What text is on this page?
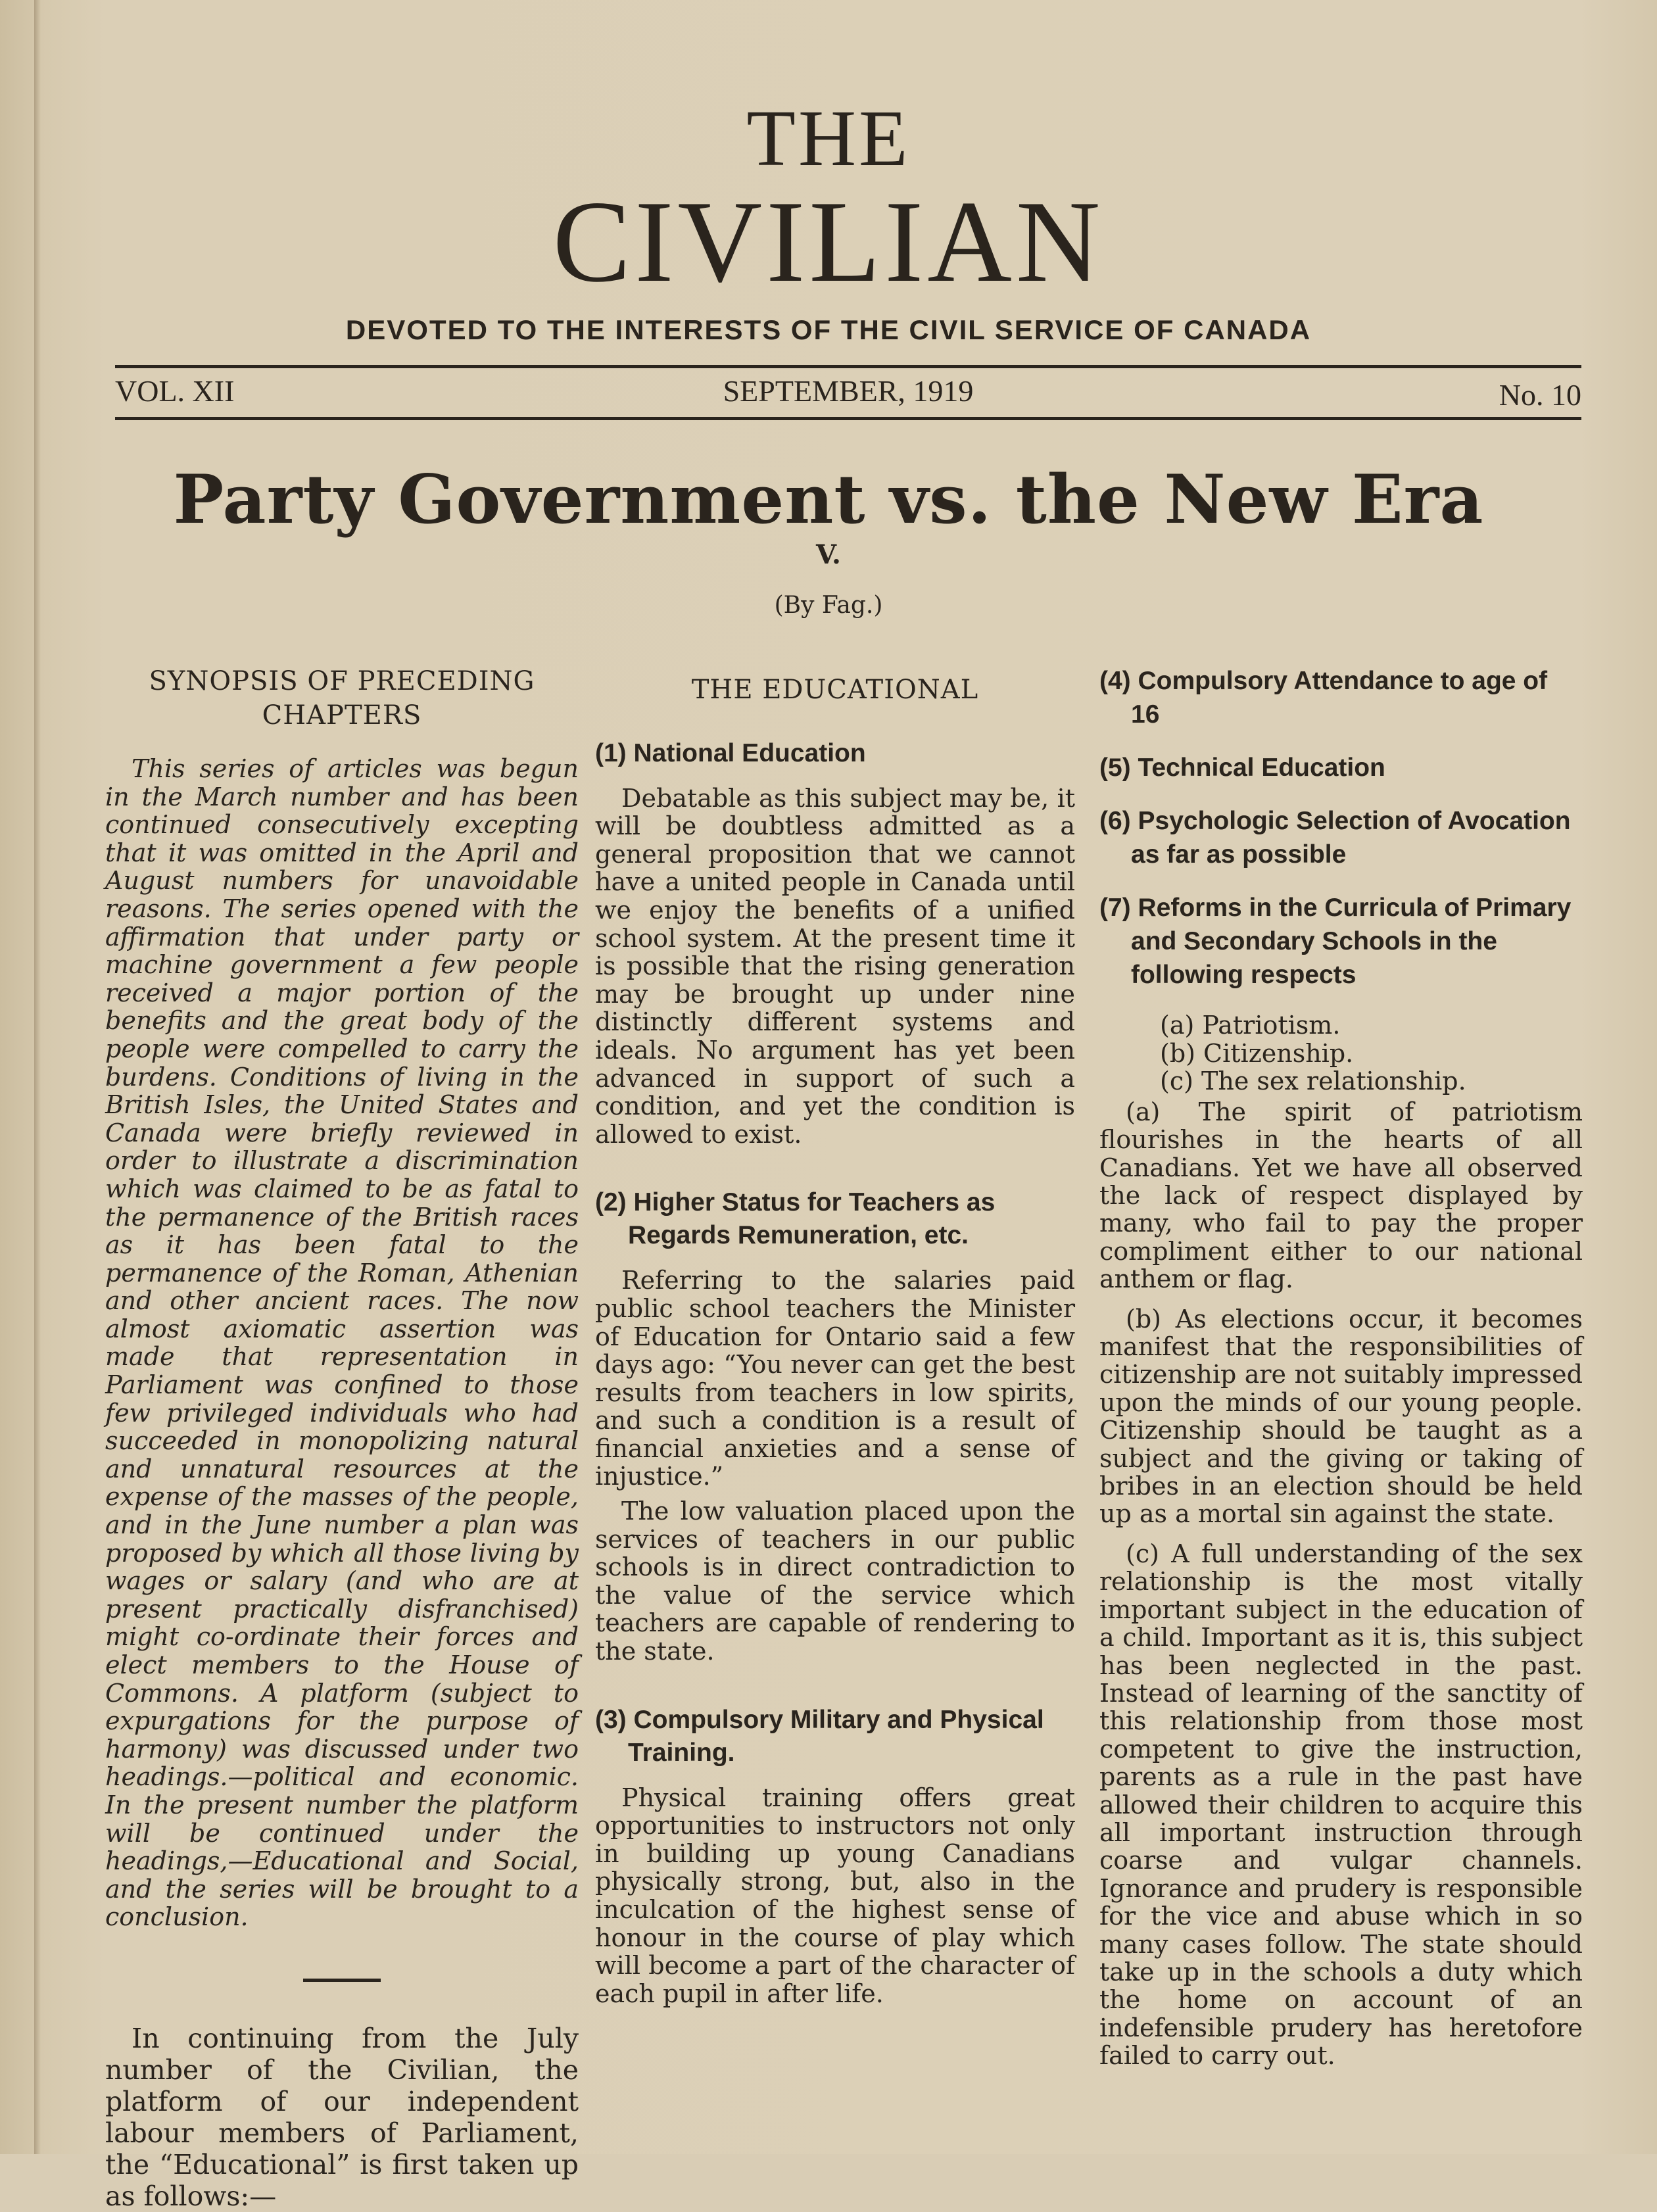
THE
CIVILIAN
DEVOTED TO THE INTERESTS OF THE CIVIL SERVICE OF CANADA
VOL. XII	SEPTEMBER, 1919	No. 10
Party Government vs. the New Era
V.
(By Fag.)
SYNOPSIS OF PRECEDING CHAPTERS

This series of articles was begun in the March number and has been continued consecutively excepting that it was omitted in the April and August numbers for unavoidable reasons. The series opened with the affirmation that under party or machine government a few people received a major portion of the benefits and the great body of the people were compelled to carry the burdens. Conditions of living in the British Isles, the United States and Canada were briefly reviewed in order to illustrate a discrimination which was claimed to be as fatal to the permanence of the British races as it has been fatal to the permanence of the Roman, Athenian and other ancient races. The now almost axiomatic assertion was made that representation in Parliament was confined to those few privileged individuals who had succeeded in monopolizing natural and unnatural resources at the expense of the masses of the people, and in the June number a plan was proposed by which all those living by wages or salary (and who are at present practically disfranchised) might co-ordinate their forces and elect members to the House of Commons. A platform (subject to expurgations for the purpose of harmony) was discussed under two headings.—political and economic. In the present number the platform will be continued under the headings,—Educational and Social, and the series will be brought to a conclusion.

In continuing from the July number of the Civilian, the platform of our independent labour members of Parliament, the “Educational” is first taken up as follows:—

THE EDUCATIONAL
(1) National Education

Debatable as this subject may be, it will be doubtless admitted as a general proposition that we cannot have a united people in Canada until we enjoy the benefits of a unified school system. At the present time it is possible that the rising generation may be brought up under nine distinctly different systems and ideals. No argument has yet been advanced in support of such a condition, and yet the condition is allowed to exist.

(2) Higher Status for Teachers as Regards Remuneration, etc.

Referring to the salaries paid public school teachers the Minister of Education for Ontario said a few days ago: “You never can get the best results from teachers in low spirits, and such a condition is a result of financial anxieties and a sense of injustice.”

The low valuation placed upon the services of teachers in our public schools is in direct contradiction to the value of the service which teachers are capable of rendering to the state.

(3) Compulsory Military and Physical Training.

Physical training offers great opportunities to instructors not only in building up young Canadians physically strong, but, also in the inculcation of the highest sense of honour in the course of play which will become a part of the character of each pupil in after life.

(4) Compulsory Attendance to age of 16
(5) Technical Education
(6) Psychologic Selection of Avocation as far as possible
(7) Reforms in the Curricula of Primary and Secondary Schools in the following respects
(a) Patriotism.
(b) Citizenship.
(c) The sex relationship.

(a) The spirit of patriotism flourishes in the hearts of all Canadians. Yet we have all observed the lack of respect displayed by many, who fail to pay the proper compliment either to our national anthem or flag.

(b) As elections occur, it becomes manifest that the responsibilities of citizenship are not suitably impressed upon the minds of our young people. Citizenship should be taught as a subject and the giving or taking of bribes in an election should be held up as a mortal sin against the state.

(c) A full understanding of the sex relationship is the most vitally important subject in the education of a child. Important as it is, this subject has been neglected in the past. Instead of learning of the sanctity of this relationship from those most competent to give the instruction, parents as a rule in the past have allowed their children to acquire this all important instruction through coarse and vulgar channels. Ignorance and prudery is responsible for the vice and abuse which in so many cases follow. The state should take up in the schools a duty which the home on account of an indefensible prudery has heretofore failed to carry out.
